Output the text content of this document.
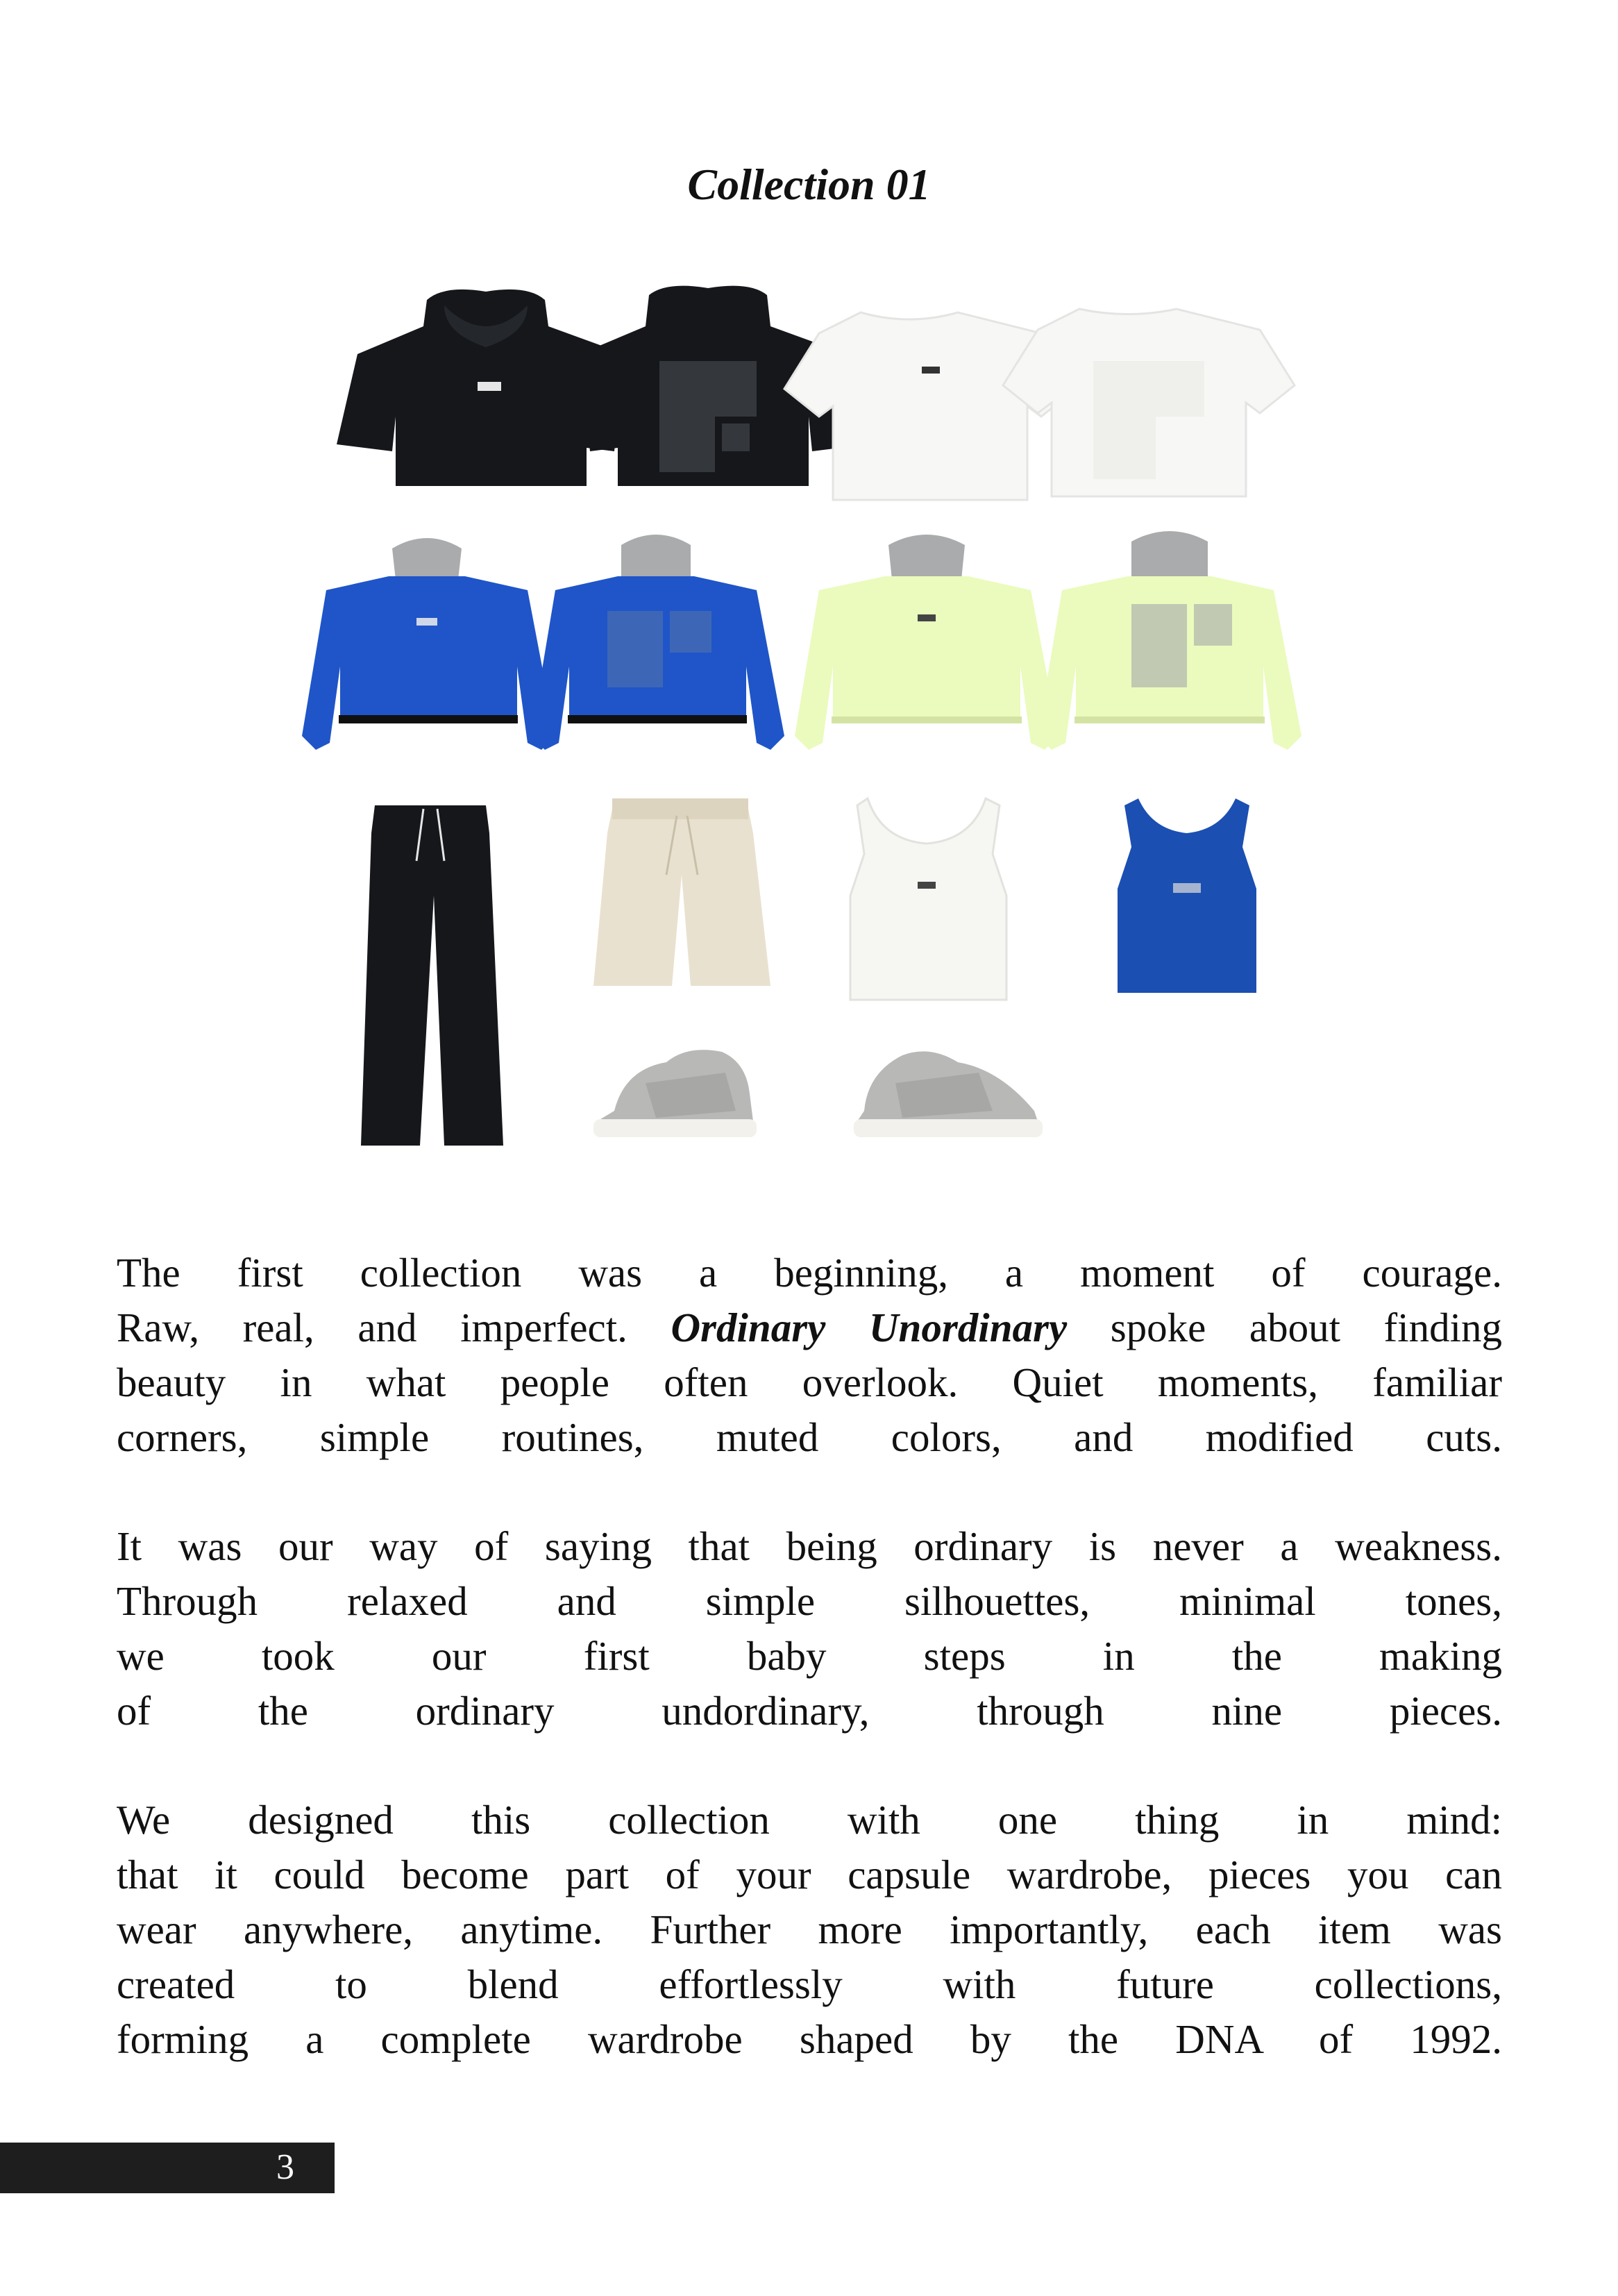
Collection 01
The first collection was a beginning, a moment of courage.
Raw, real, and imperfect. Ordinary Unordinary spoke about finding
beauty in what people often overlook. Quiet moments, familiar
corners, simple routines, muted colors, and modified cuts.
It was our way of saying that being ordinary is never a weakness.
Through relaxed and simple silhouettes, minimal tones,
we took our first baby steps in the making
of the ordinary undordinary, through nine pieces.
We designed this collection with one thing in mind:
that it could become part of your capsule wardrobe, pieces you can
wear anywhere, anytime. Further more importantly, each item was
created to blend effortlessly with future collections,
forming a complete wardrobe shaped by the DNA of 1992.
3
